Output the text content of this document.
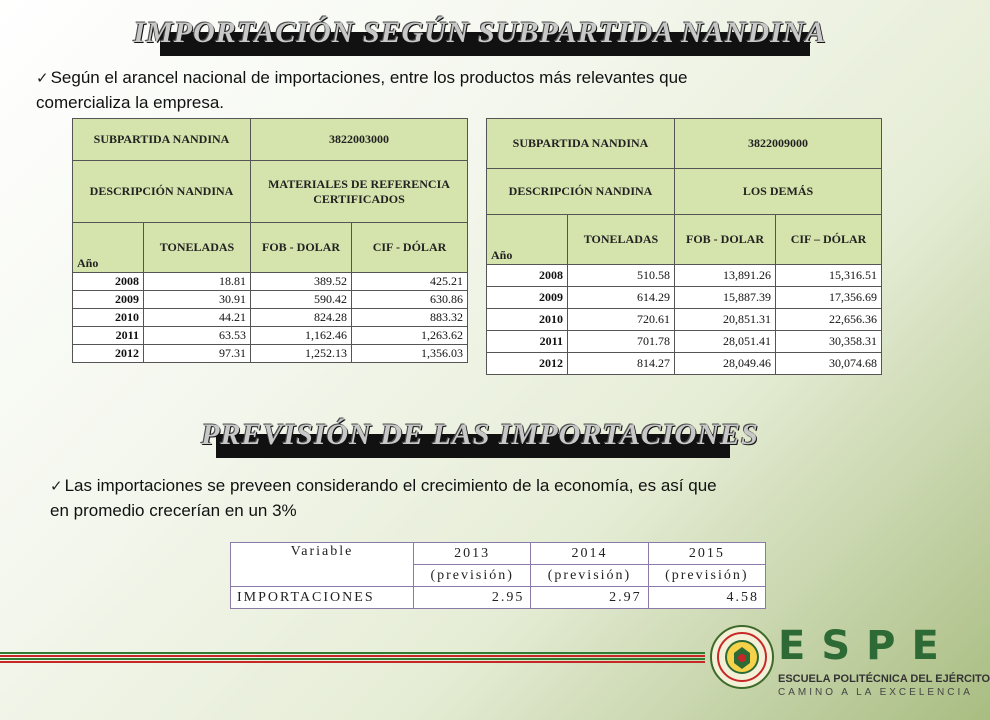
IMPORTACIÓN SEGÚN SUBPARTIDA NANDINA
✓ Según el arancel nacional de importaciones, entre los productos más relevantes que
comercializa la empresa.
SUBPARTIDA NANDINA		3822003000	
DESCRIPCIÓN NANDINA		MATERIALES DE REFERENCIA CERTIFICADOS	
Año	TONELADAS	FOB - DOLAR	CIF - DÓLAR
2008	18.81	389.52	425.21
2009	30.91	590.42	630.86
2010	44.21	824.28	883.32
2011	63.53	1,162.46	1,263.62
2012	97.31	1,252.13	1,356.03
SUBPARTIDA NANDINA		3822009000	
DESCRIPCIÓN NANDINA		LOS DEMÁS	
Año	TONELADAS	FOB - DOLAR	CIF – DÓLAR
2008	510.58	13,891.26	15,316.51
2009	614.29	15,887.39	17,356.69
2010	720.61	20,851.31	22,656.36
2011	701.78	28,051.41	30,358.31
2012	814.27	28,049.46	30,074.68
PREVISIÓN DE LAS IMPORTACIONES
✓ Las importaciones se preveen considerando el crecimiento de la economía, es así que
en promedio crecerían en un 3%
Variable	2013	2014	2015
	(previsión)	(previsión)	(previsión)
IMPORTACIONES	2.95	2.97	4.58
ESPE
ESCUELA POLITÉCNICA DEL EJÉRCITO
CAMINO A LA EXCELENCIA
